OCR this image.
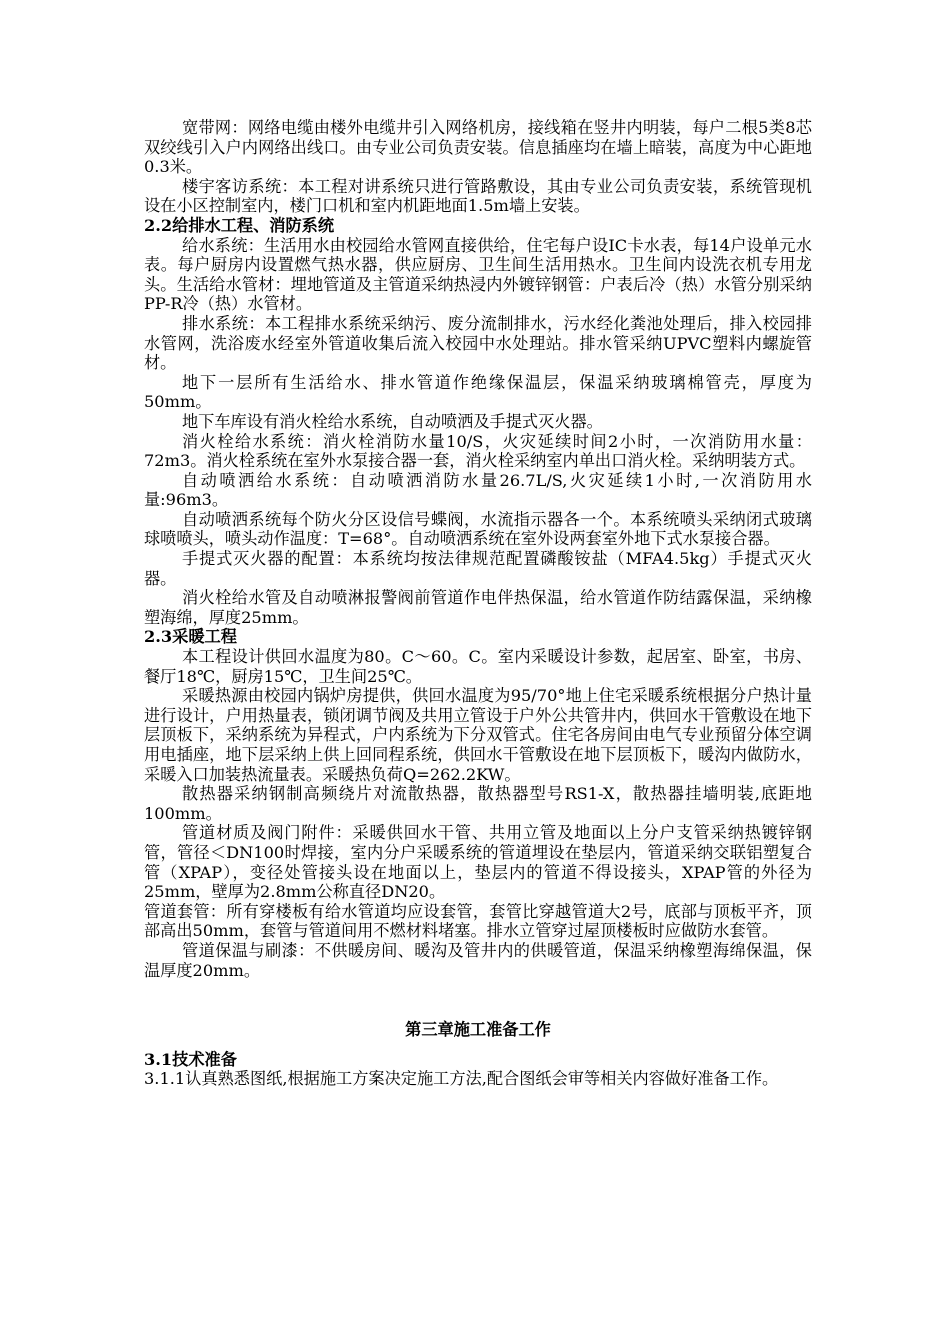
宽带网：网络电缆由楼外电缆井引入网络机房，接线箱在竖井内明装，每户二根5类8芯双绞线引入户内网络出线口。由专业公司负责安装。信息插座均在墙上暗装，高度为中心距地0.3米。

楼宇客访系统：本工程对讲系统只进行管路敷设，其由专业公司负责安装，系统管现机设在小区控制室内，楼门口机和室内机距地面1.5m墙上安装。

2.2给排水工程、消防系统

给水系统：生活用水由校园给水管网直接供给，住宅每户设IC卡水表，每14户设单元水表。每户厨房内设置燃气热水器，供应厨房、卫生间生活用热水。卫生间内设洗衣机专用龙头。生活给水管材：埋地管道及主管道采纳热浸内外镀锌钢管：户表后冷（热）水管分别采纳PP-R冷（热）水管材。

排水系统：本工程排水系统采纳污、废分流制排水，污水经化粪池处理后，排入校园排水管网，洗浴废水经室外管道收集后流入校园中水处理站。排水管采纳UPVC塑料内螺旋管材。

地下一层所有生活给水、排水管道作绝缘保温层，保温采纳玻璃棉管壳，厚度为50mm。

地下车库设有消火栓给水系统，自动喷洒及手提式灭火器。

消火栓给水系统：消火栓消防水量10/S，火灾延续时间2小时，一次消防用水量：72m3。消火栓系统在室外水泵接合器一套，消火栓采纳室内单出口消火栓。采纳明装方式。

自动喷洒给水系统：自动喷洒消防水量26.7L/S,火灾延续1小时,一次消防用水量:96m3。

自动喷洒系统每个防火分区设信号蝶阀，水流指示器各一个。本系统喷头采纳闭式玻璃球喷喷头，喷头动作温度：T=68°。自动喷洒系统在室外设两套室外地下式水泵接合器。

手提式灭火器的配置：本系统均按法律规范配置磷酸铵盐（MFA4.5kg）手提式灭火器。

消火栓给水管及自动喷淋报警阀前管道作电伴热保温，给水管道作防结露保温，采纳橡塑海绵，厚度25mm。

2.3采暖工程

本工程设计供回水温度为80。C～60。C。室内采暖设计参数，起居室、卧室，书房、餐厅18℃，厨房15℃，卫生间25℃。

采暖热源由校园内锅炉房提供，供回水温度为95/70°地上住宅采暖系统根据分户热计量进行设计，户用热量表，锁闭调节阀及共用立管设于户外公共管井内，供回水干管敷设在地下层顶板下，采纳系统为异程式，户内系统为下分双管式。住宅各房间由电气专业预留分体空调用电插座，地下层采纳上供上回同程系统，供回水干管敷设在地下层顶板下，暖沟内做防水，采暖入口加装热流量表。采暖热负荷Q=262.2KW。

散热器采纳钢制高频绕片对流散热器，散热器型号RS1-X，散热器挂墙明装,底距地100mm。

管道材质及阀门附件：采暖供回水干管、共用立管及地面以上分户支管采纳热镀锌钢管，管径＜DN100时焊接，室内分户采暖系统的管道埋设在垫层内，管道采纳交联铝塑复合管（XPAP），变径处管接头设在地面以上，垫层内的管道不得设接头，XPAP管的外径为25mm，壁厚为2.8mm公称直径DN20。

管道套管：所有穿楼板有给水管道均应设套管，套管比穿越管道大2号，底部与顶板平齐，顶部高出50mm，套管与管道间用不燃材料堵塞。排水立管穿过屋顶楼板时应做防水套管。

管道保温与刷漆：不供暖房间、暖沟及管井内的供暖管道，保温采纳橡塑海绵保温，保温厚度20mm。

第三章施工准备工作

3.1技术准备

3.1.1认真熟悉图纸,根据施工方案决定施工方法,配合图纸会审等相关内容做好准备工作。
